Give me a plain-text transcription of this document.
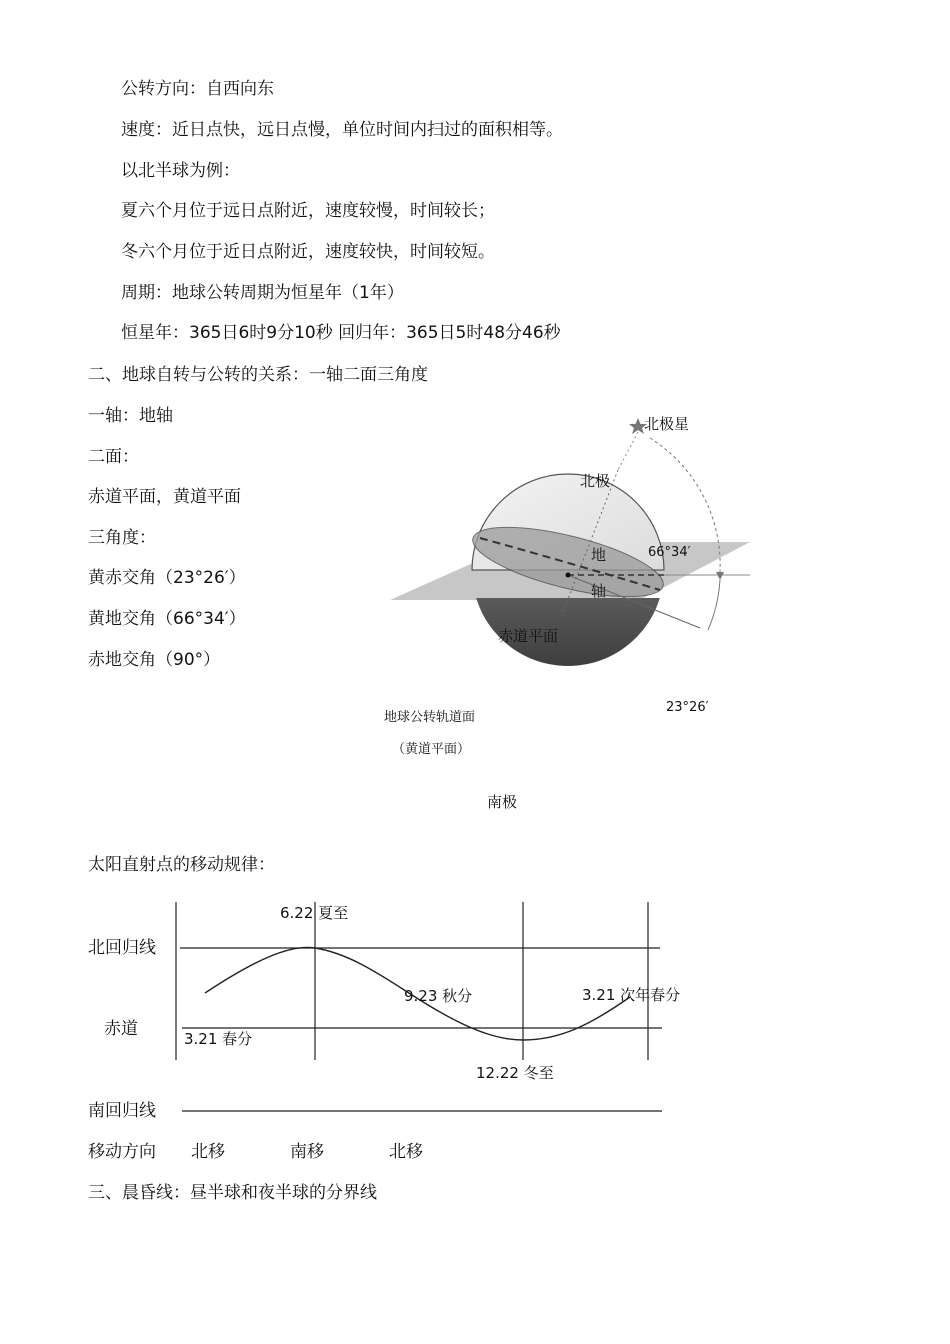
公转方向：自西向东
速度：近日点快，远日点慢，单位时间内扫过的面积相等。
以北半球为例：
夏六个月位于远日点附近，速度较慢，时间较长；
冬六个月位于近日点附近，速度较快，时间较短。
周期：地球公转周期为恒星年（1年）
恒星年：365日6时9分10秒 回归年：365日5时48分46秒
二、地球自转与公转的关系：一轴二面三角度
一轴：地轴
二面：
赤道平面，黄道平面
三角度：
黄赤交角（23°26′）
黄地交角（66°34′）
赤地交角（90°）
北极星
北极
66°34′
地
轴
赤道平面
23°26′
地球公转轨道面
（黄道平面）
南极
太阳直射点的移动规律：
北回归线
赤道
南回归线
6.22 夏至
9.23 秋分	3.21 次年春分
3.21 春分
12.22 冬至
移动方向 北移	南移	北移
三、晨昏线：昼半球和夜半球的分界线
